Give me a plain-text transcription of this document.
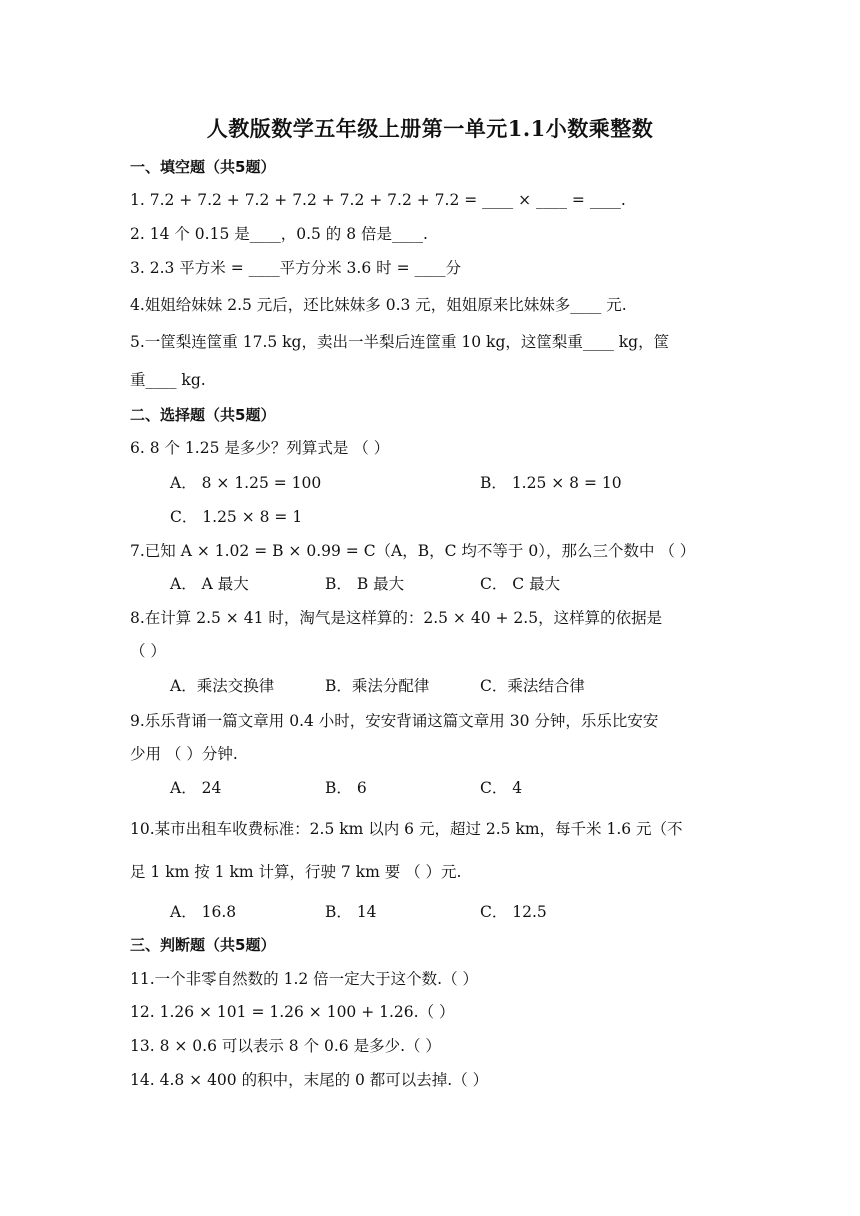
人教版数学五年级上册第一单元1.1小数乘整数
一、填空题（共5题）
1. 7.2 + 7.2 + 7.2 + 7.2 + 7.2 + 7.2 + 7.2 = ____ × ____ = ____.
2. 14 个 0.15 是____，0.5 的 8 倍是____.
3. 2.3 平方米 = ____平方分米 3.6 时 = ____分
4.姐姐给妹妹 2.5 元后，还比妹妹多 0.3 元，姐姐原来比妹妹多____ 元.
5.一筐梨连筐重 17.5 kg，卖出一半梨后连筐重 10 kg，这筐梨重____ kg，筐
重____ kg.
二、选择题（共5题）
6. 8 个 1.25 是多少？列算式是 （ ）
A． 8 × 1.25 = 100	B． 1.25 × 8 = 10
C． 1.25 × 8 = 1
7.已知 A × 1.02 = B × 0.99 = C（A，B，C 均不等于 0），那么三个数中 （ ）
A． A 最大	B． B 最大	C． C 最大
8.在计算 2.5 × 41 时，淘气是这样算的：2.5 × 40 + 2.5，这样算的依据是
（ ）
A．乘法交换律	B．乘法分配律	C．乘法结合律
9.乐乐背诵一篇文章用 0.4 小时，安安背诵这篇文章用 30 分钟，乐乐比安安
少用 （ ）分钟.
A． 24	B． 6	C． 4
10.某市出租车收费标准：2.5 km 以内 6 元，超过 2.5 km，每千米 1.6 元（不
足 1 km 按 1 km 计算，行驶 7 km 要 （ ）元.
A． 16.8	B． 14	C． 12.5
三、判断题（共5题）
11.一个非零自然数的 1.2 倍一定大于这个数.（ ）
12. 1.26 × 101 = 1.26 × 100 + 1.26.（ ）
13. 8 × 0.6 可以表示 8 个 0.6 是多少.（ ）
14. 4.8 × 400 的积中，末尾的 0 都可以去掉.（ ）
